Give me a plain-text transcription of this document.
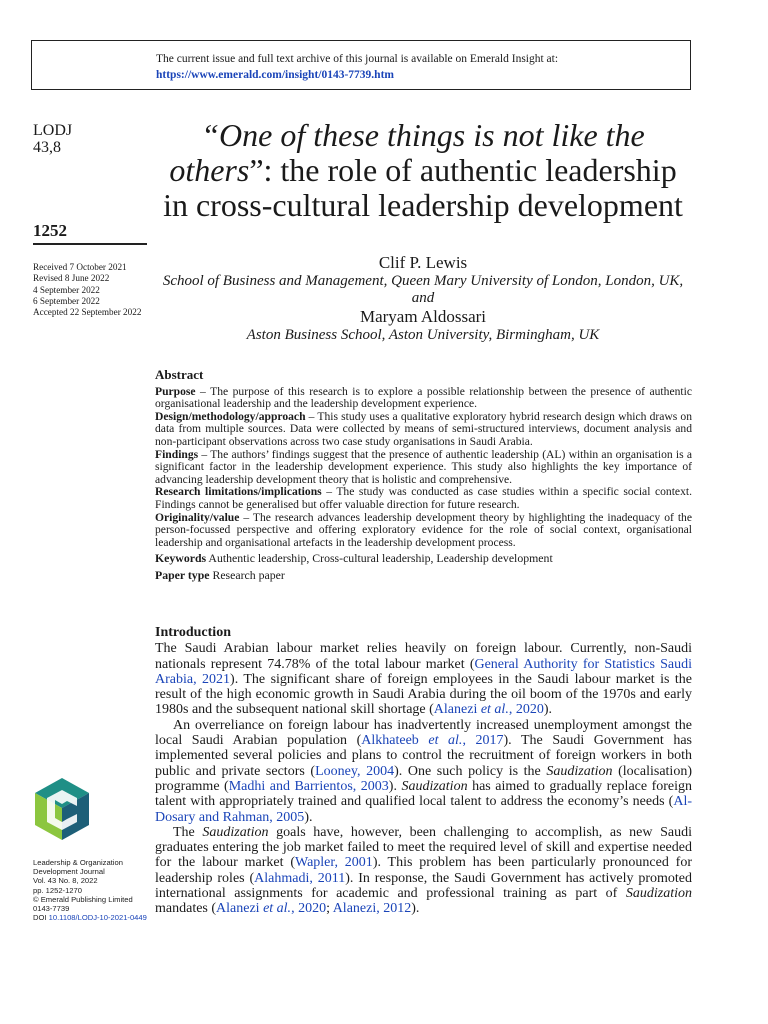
The current issue and full text archive of this journal is available on Emerald Insight at:
https://www.emerald.com/insight/0143-7739.htm
LODJ
43,8
1252
Received 7 October 2021
Revised 8 June 2022
4 September 2022
6 September 2022
Accepted 22 September 2022
“One of these things is not like the others”: the role of authentic leadership in cross-cultural leadership development
Clif P. Lewis
School of Business and Management, Queen Mary University of London, London, UK, and
Maryam Aldossari
Aston Business School, Aston University, Birmingham, UK
Abstract

Purpose – The purpose of this research is to explore a possible relationship between the presence of authentic organisational leadership and the leadership development experience.

Design/methodology/approach – This study uses a qualitative exploratory hybrid research design which draws on data from multiple sources. Data were collected by means of semi-structured interviews, document analysis and non-participant observations across two case study organisations in Saudi Arabia.

Findings – The authors’ findings suggest that the presence of authentic leadership (AL) within an organisation is a significant factor in the leadership development experience. This study also highlights the key importance of advancing leadership development theory that is holistic and comprehensive.

Research limitations/implications – The study was conducted as case studies within a specific social context. Findings cannot be generalised but offer valuable direction for future research.

Originality/value – The research advances leadership development theory by highlighting the inadequacy of the person-focussed perspective and offering exploratory evidence for the role of social context, organisational leadership and organisational artefacts in the leadership development process.

Keywords Authentic leadership, Cross-cultural leadership, Leadership development

Paper type Research paper

Introduction

The Saudi Arabian labour market relies heavily on foreign labour. Currently, non-Saudi nationals represent 74.78% of the total labour market (General Authority for Statistics Saudi Arabia, 2021). The significant share of foreign employees in the Saudi labour market is the result of the high economic growth in Saudi Arabia during the oil boom of the 1970s and early 1980s and the subsequent national skill shortage (Alanezi et al., 2020).

An overreliance on foreign labour has inadvertently increased unemployment amongst the local Saudi Arabian population (Alkhateeb et al., 2017). The Saudi Government has implemented several policies and plans to control the recruitment of foreign workers in both public and private sectors (Looney, 2004). One such policy is the Saudization (localisation) programme (Madhi and Barrientos, 2003). Saudization has aimed to gradually replace foreign talent with appropriately trained and qualified local talent to address the economy’s needs (Al-Dosary and Rahman, 2005).

The Saudization goals have, however, been challenging to accomplish, as new Saudi graduates entering the job market failed to meet the required level of skill and expertise needed for the labour market (Wapler, 2001). This problem has been particularly pronounced for leadership roles (Alahmadi, 2011). In response, the Saudi Government has actively promoted international assignments for academic and professional training as part of Saudization mandates (Alanezi et al., 2020; Alanezi, 2012).

Leadership & Organization
Development Journal
Vol. 43 No. 8, 2022
pp. 1252-1270
© Emerald Publishing Limited
0143-7739
DOI 10.1108/LODJ-10-2021-0449
